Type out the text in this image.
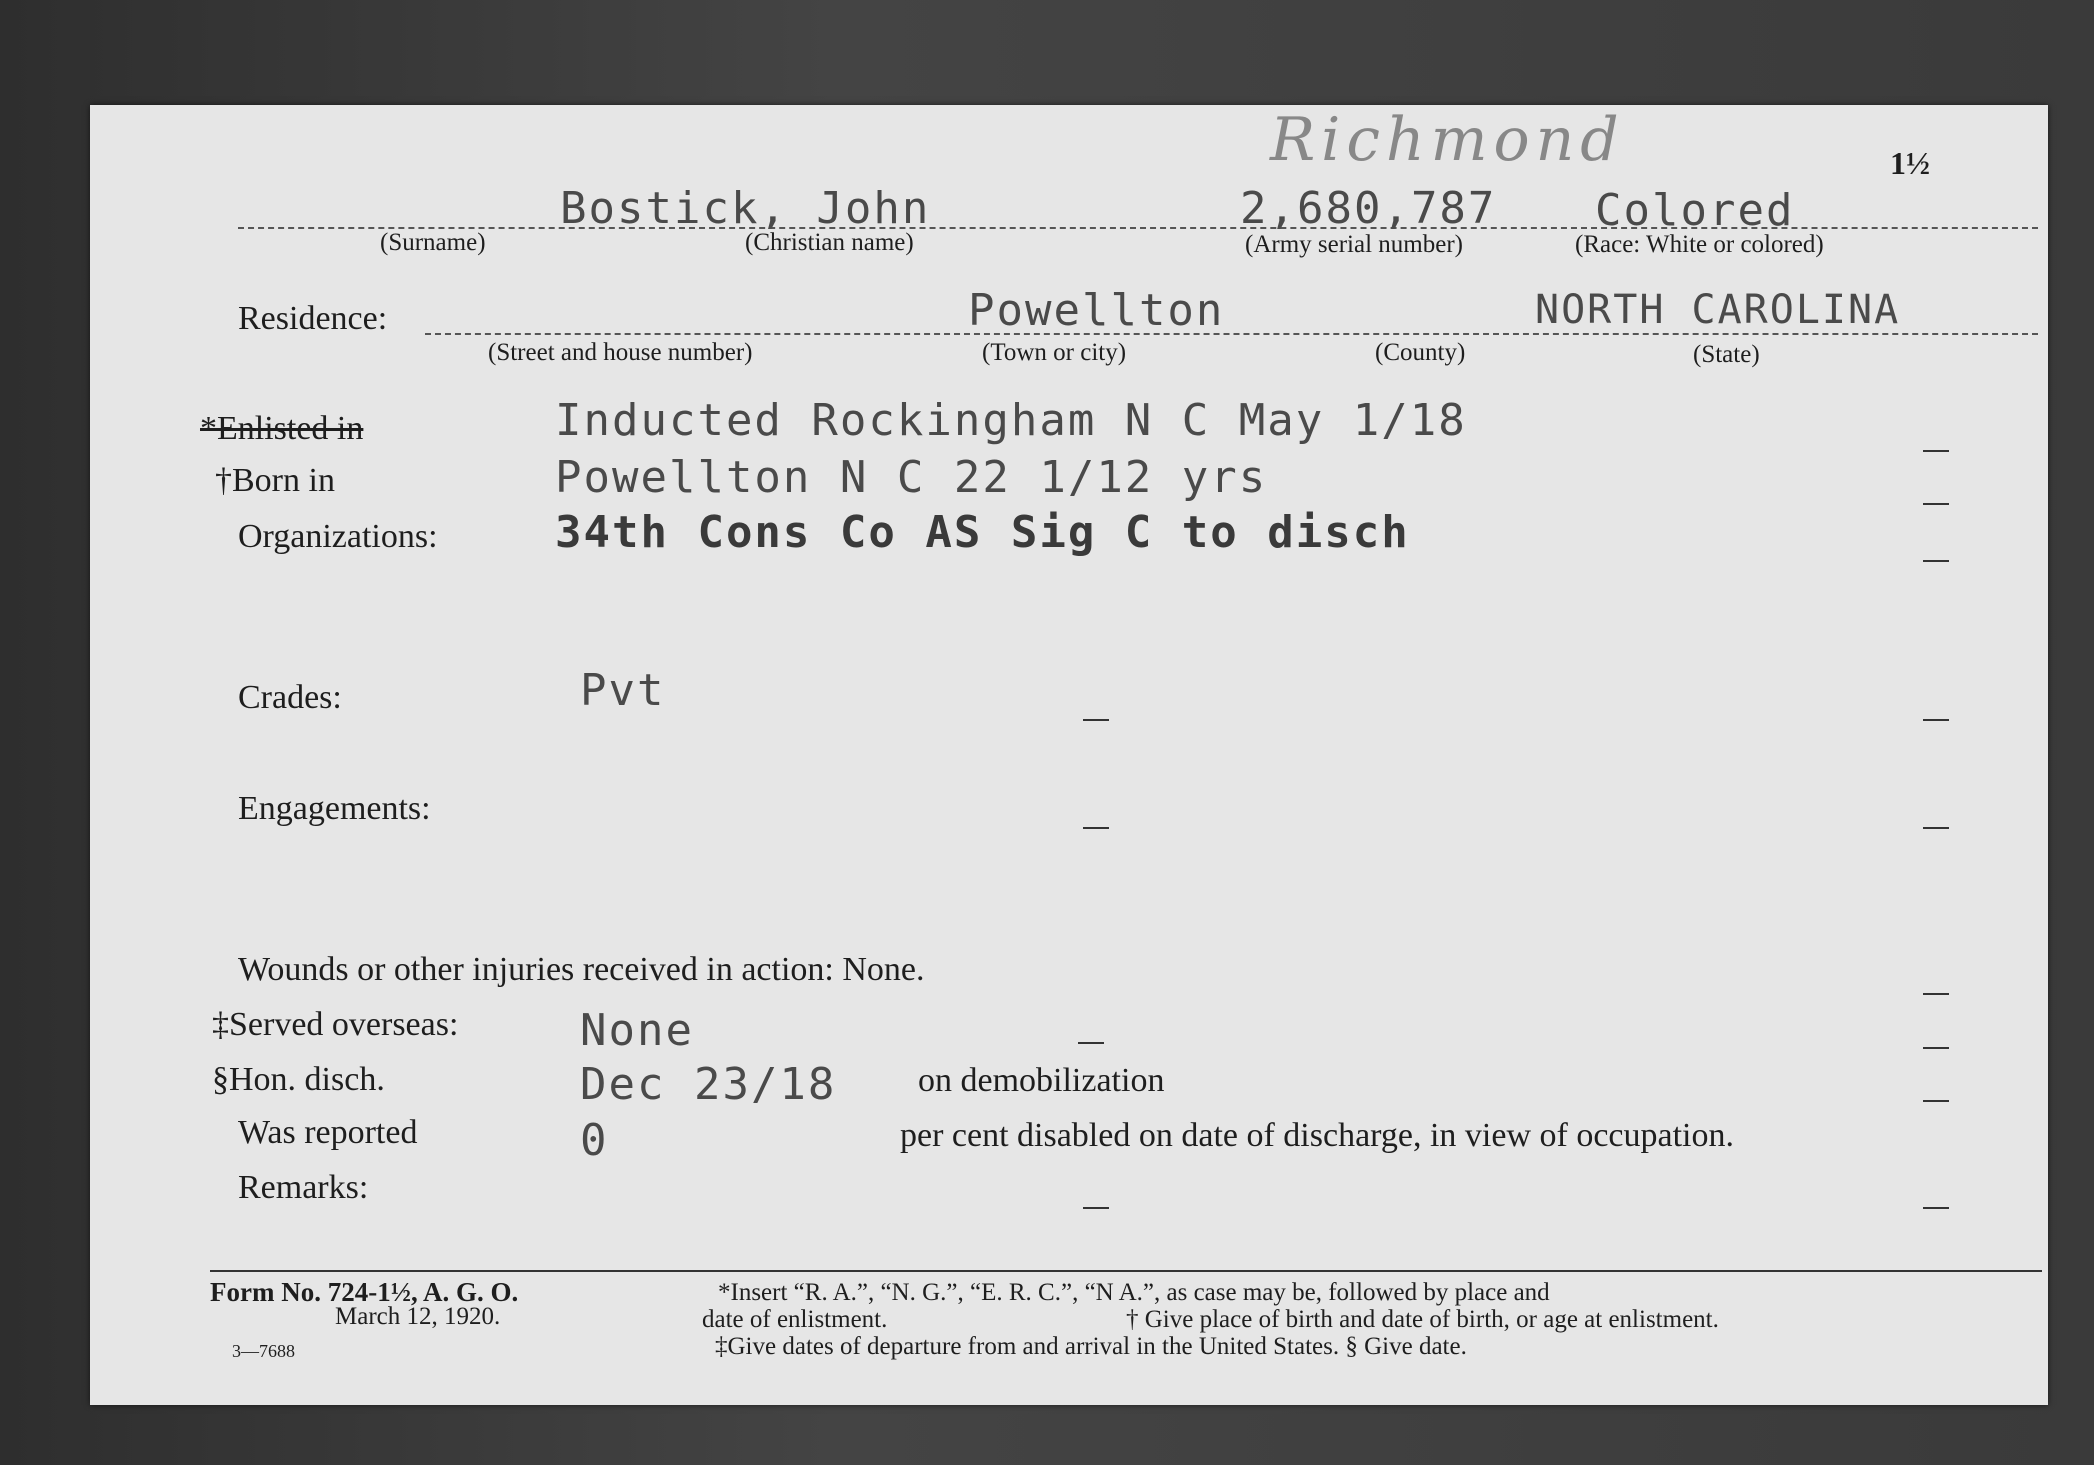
Richmond	1½
Bostick, John	2,680,787 Colored
(Surname)	(Christian name)	(Army serial number)	(Race: White or colored)
Residence:	Powellton	NORTH CAROLINA
(Street and house number)	(Town or city)	(County)	(State)
*Enlisted in	Inducted Rockingham N C May 1/18
†Born in	Powellton N C 22 1/12 yrs
Organizations:	34th Cons Co AS Sig C to disch
Crades:	Pvt
Engagements:
Wounds or other injuries received in action: None.
‡Served overseas:	None
§Hon. disch.	Dec 23/18 on demobilization
Was reported	0	per cent disabled on date of discharge, in view of occupation.
Remarks:
Form No. 724-1½, A. G. O.
March 12, 1920.
3—7688
*Insert “R. A.”, “N. G.”, “E. R. C.”, “N A.”, as case may be, followed by place and
date of enlistment.	† Give place of birth and date of birth, or age at enlistment.
‡Give dates of departure from and arrival in the United States. § Give date.
